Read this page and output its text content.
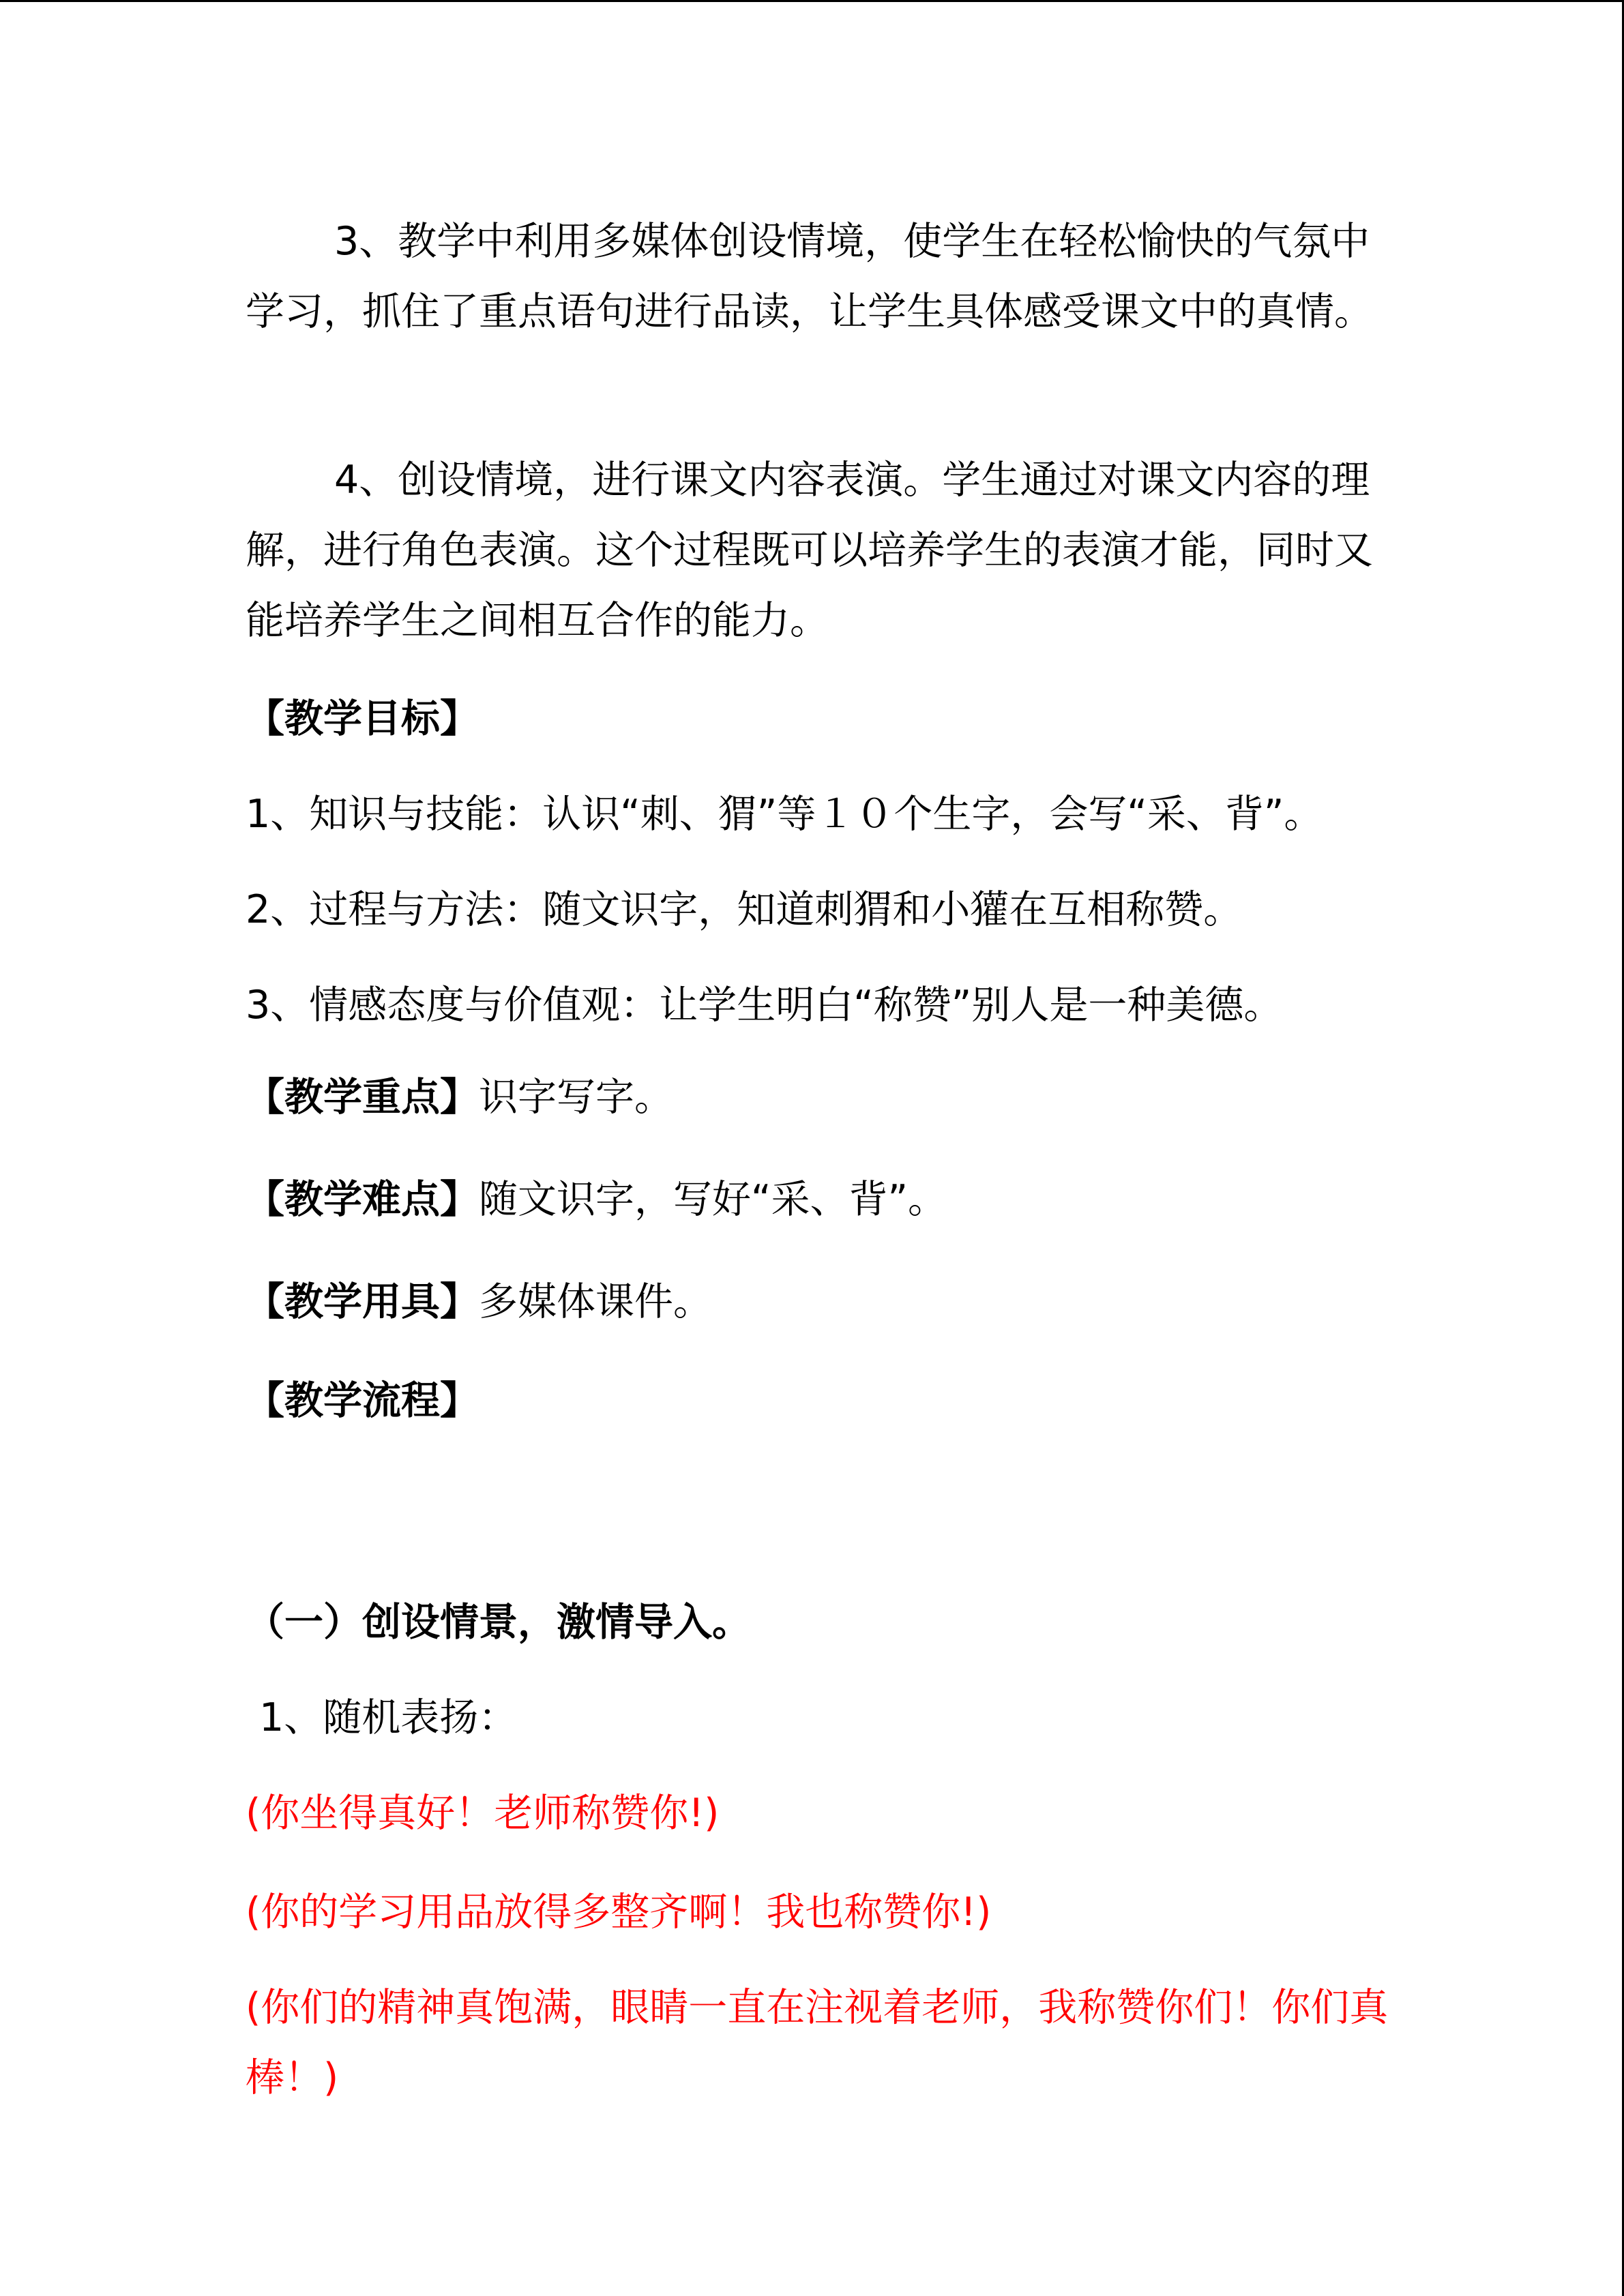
3、教学中利用多媒体创设情境，使学生在轻松愉快的气氛中学习，抓住了重点语句进行品读，让学生具体感受课文中的真情。

4、创设情境，进行课文内容表演。学生通过对课文内容的理解，进行角色表演。这个过程既可以培养学生的表演才能，同时又能培养学生之间相互合作的能力。

【教学目标】

1、知识与技能：认识“刺、猬”等１０个生字，会写“采、背”。

2、过程与方法：随文识字，知道刺猬和小獾在互相称赞。

3、情感态度与价值观：让学生明白“称赞”别人是一种美德。

【教学重点】识字写字。

【教学难点】随文识字，写好“采、背”。

【教学用具】多媒体课件。

【教学流程】

（一）创设情景，激情导入。

1、随机表扬：

(你坐得真好！老师称赞你!)

(你的学习用品放得多整齐啊！我也称赞你!)

(你们的精神真饱满，眼睛一直在注视着老师，我称赞你们！你们真棒！)
